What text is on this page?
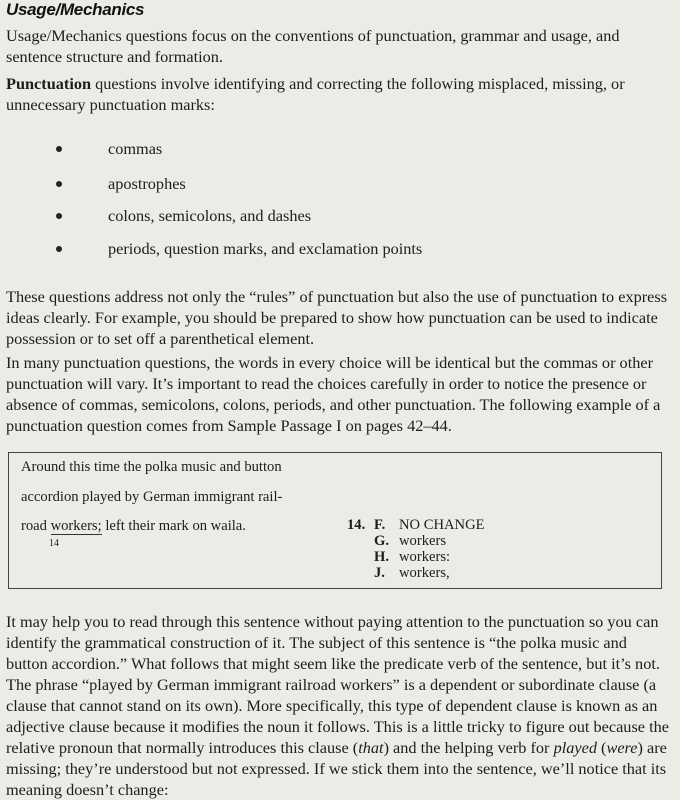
Usage/Mechanics

Usage/Mechanics questions focus on the conventions of punctuation, grammar and usage, and sentence structure and formation.

Punctuation questions involve identifying and correcting the following misplaced, missing, or unnecessary punctuation marks:

commas
apostrophes
colons, semicolons, and dashes
periods, question marks, and exclamation points

These questions address not only the “rules” of punctuation but also the use of punctuation to express ideas clearly. For example, you should be prepared to show how punctuation can be used to indicate possession or to set off a parenthetical element.

In many punctuation questions, the words in every choice will be identical but the commas or other punctuation will vary. It’s important to read the choices carefully in order to notice the presence or absence of commas, semicolons, colons, periods, and other punctuation. The following example of a punctuation question comes from Sample Passage I on pages 42–44.

Around this time the polka music and button
accordion played by German immigrant rail-
road workers; left their mark on waila.
14
14. F. NO CHANGE
G. workers
H. workers:
J. workers,

It may help you to read through this sentence without paying attention to the punctuation so you can identify the grammatical construction of it. The subject of this sentence is “the polka music and button accordion.” What follows that might seem like the predicate verb of the sentence, but it’s not. The phrase “played by German immigrant railroad workers” is a dependent or subordinate clause (a clause that cannot stand on its own). More specifically, this type of dependent clause is known as an adjective clause because it modifies the noun it follows. This is a little tricky to figure out because the relative pronoun that normally introduces this clause (that) and the helping verb for played (were) are missing; they’re understood but not expressed. If we stick them into the sentence, we’ll notice that its meaning doesn’t change:
